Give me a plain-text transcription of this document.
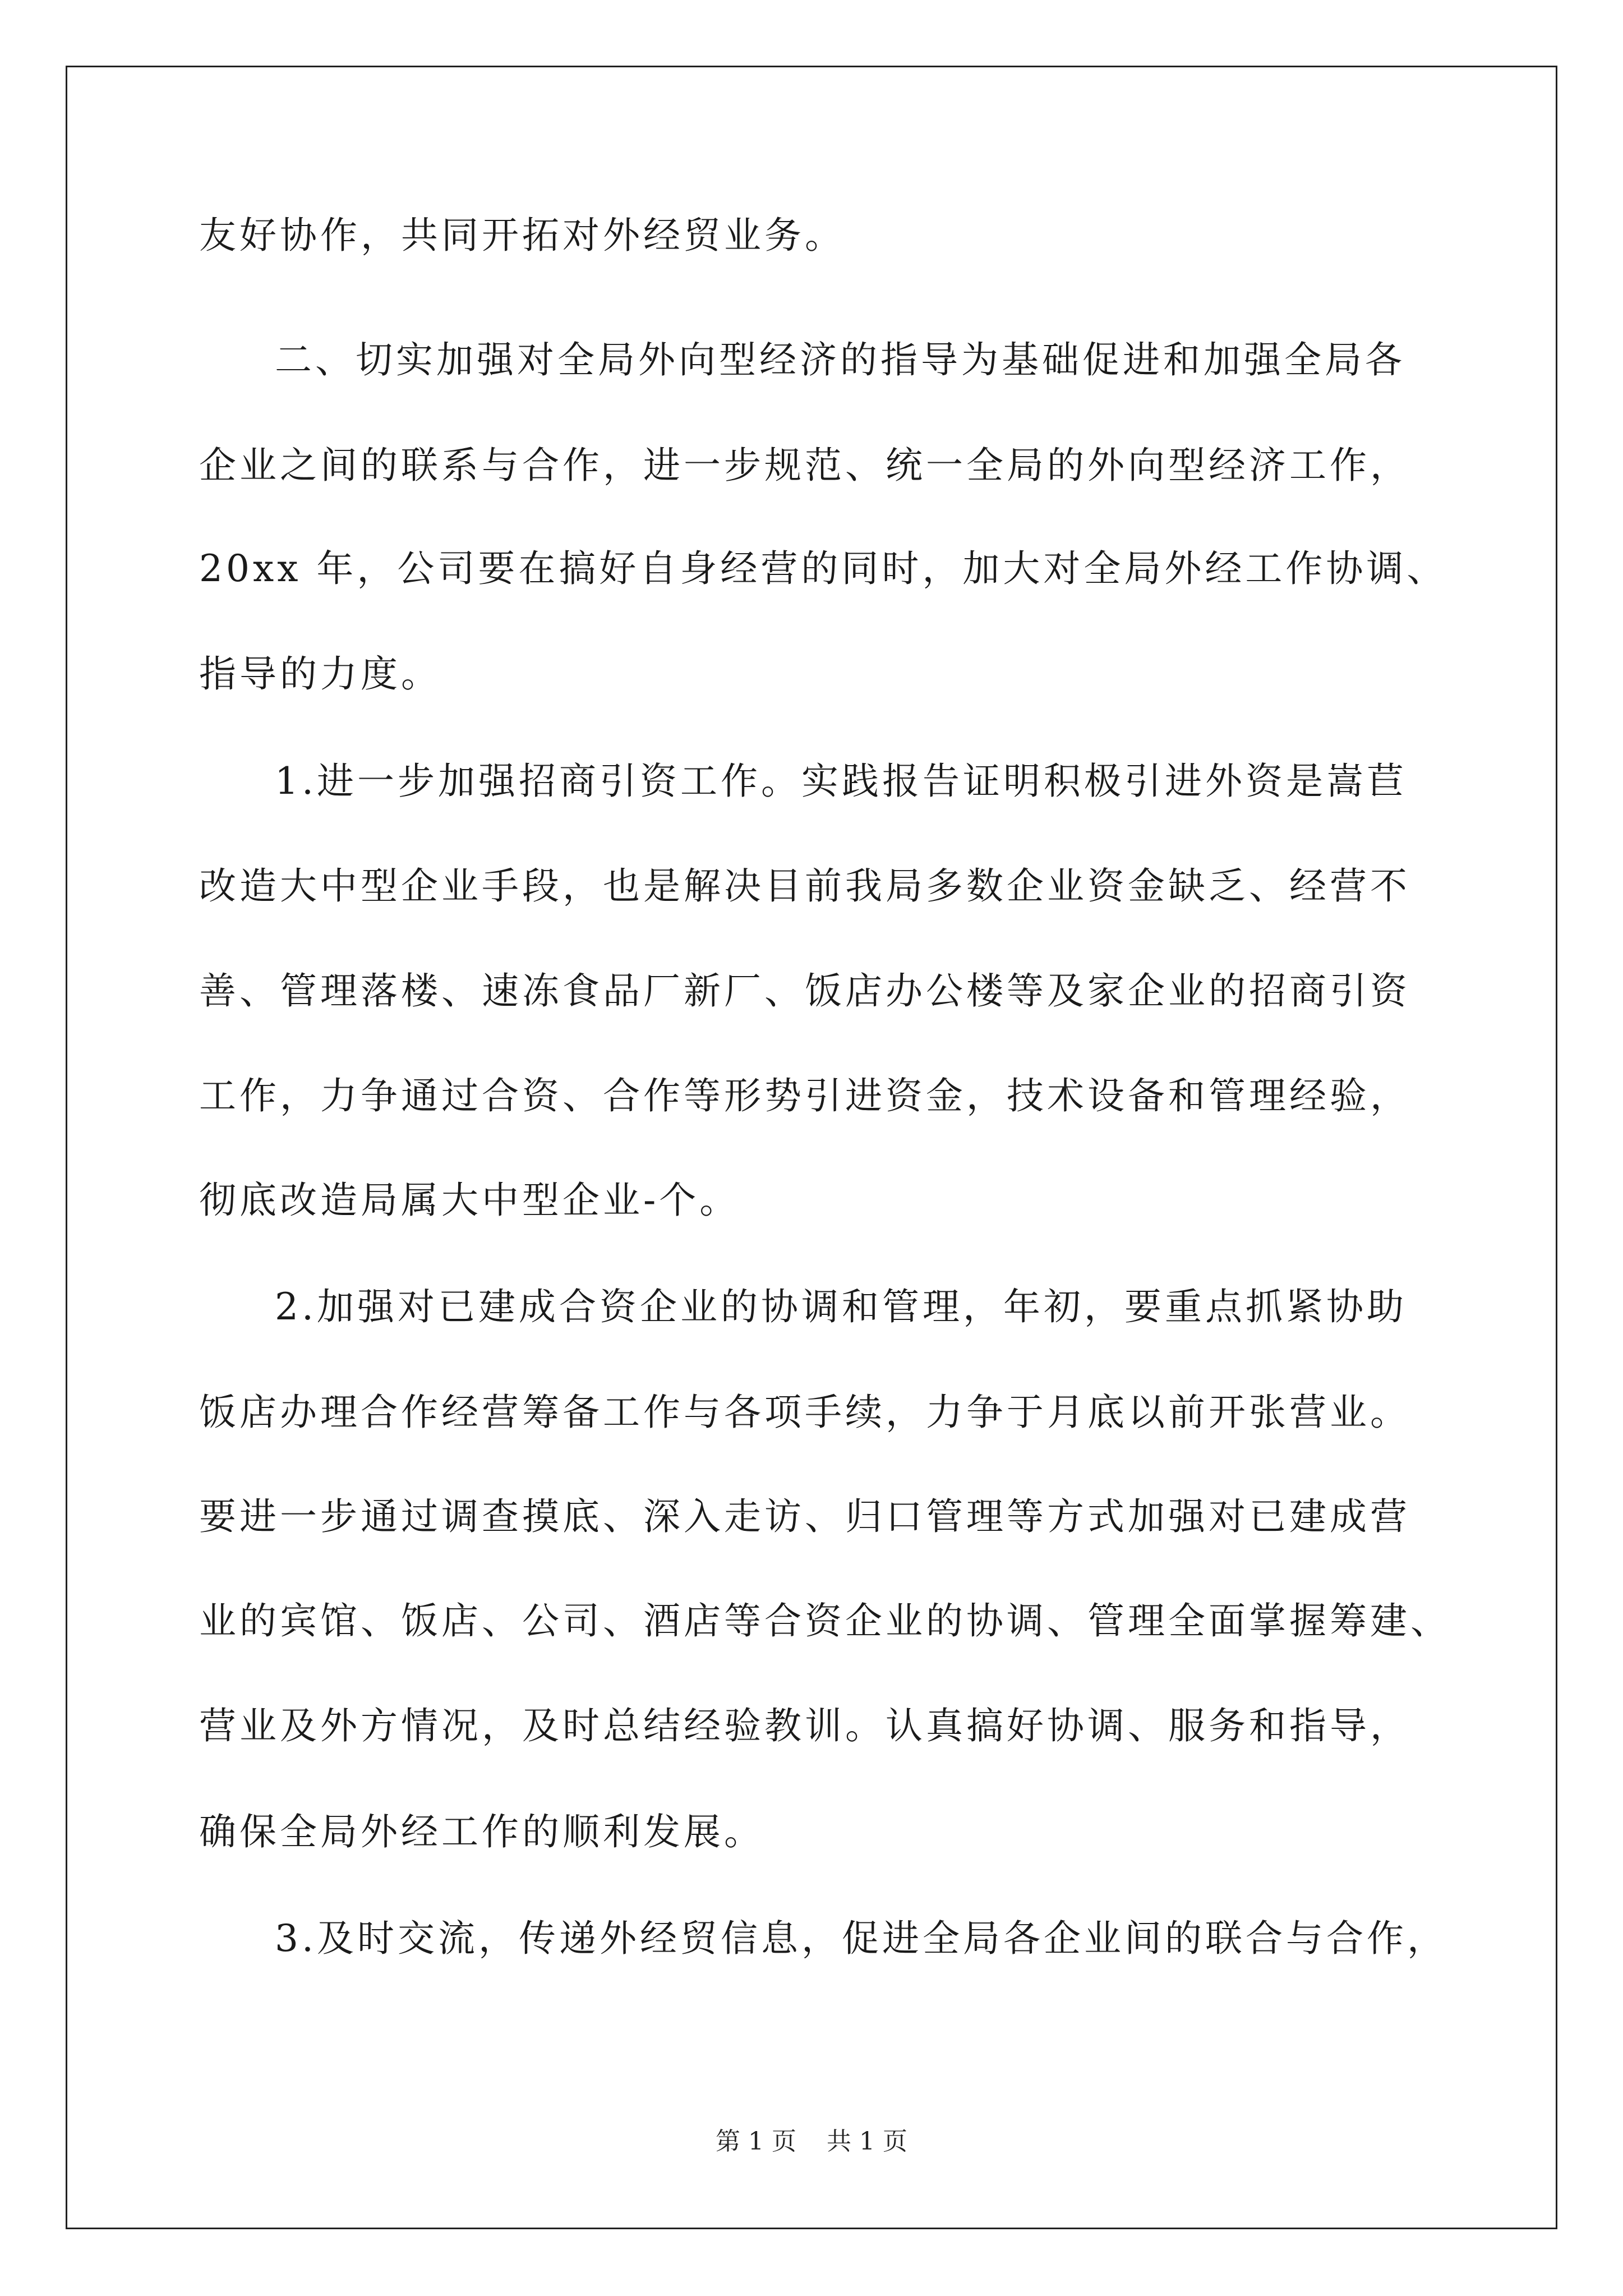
友好协作，共同开拓对外经贸业务。
二、切实加强对全局外向型经济的指导为基础促进和加强全局各
企业之间的联系与合作，进一步规范、统一全局的外向型经济工作，
20xx 年，公司要在搞好自身经营的同时，加大对全局外经工作协调、
指导的力度。
1.进一步加强招商引资工作。实践报告证明积极引进外资是嵩苣
改造大中型企业手段，也是解决目前我局多数企业资金缺乏、经营不
善、管理落楼、速冻食品厂新厂、饭店办公楼等及家企业的招商引资
工作，力争通过合资、合作等形势引进资金，技术设备和管理经验，
彻底改造局属大中型企业-个。
2.加强对已建成合资企业的协调和管理，年初，要重点抓紧协助
饭店办理合作经营筹备工作与各项手续，力争于月底以前开张营业。
要进一步通过调查摸底、深入走访、归口管理等方式加强对已建成营
业的宾馆、饭店、公司、酒店等合资企业的协调、管理全面掌握筹建、
营业及外方情况，及时总结经验教训。认真搞好协调、服务和指导，
确保全局外经工作的顺利发展。
3.及时交流，传递外经贸信息，促进全局各企业间的联合与合作，
第 1 页 共 1 页
